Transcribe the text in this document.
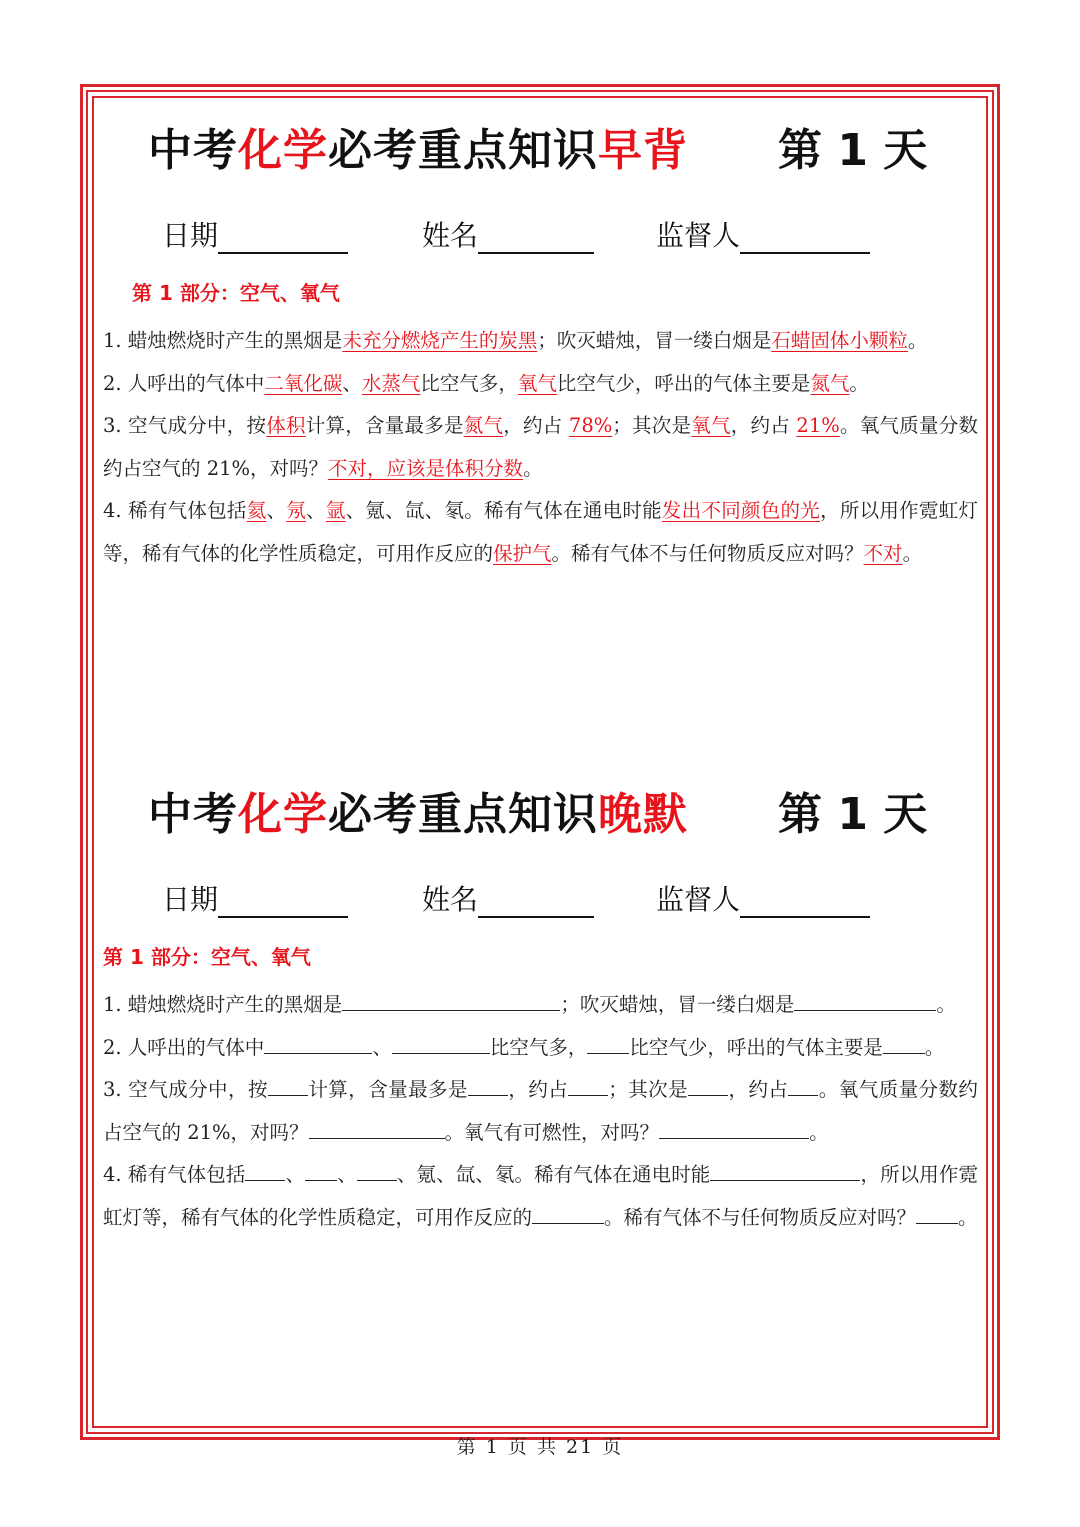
中考化学必考重点知识早背 第 1 天
日期	姓名	监督人
第 1 部分：空气、氧气

1. 蜡烛燃烧时产生的黑烟是未充分燃烧产生的炭黑；吹灭蜡烛，冒一缕白烟是石蜡固体小颗粒。

2. 人呼出的气体中二氧化碳、水蒸气比空气多，氧气比空气少，呼出的气体主要是氮气。

3. 空气成分中，按体积计算，含量最多是氮气，约占 78%；其次是氧气，约占 21%。氧气质量分数约占空气的 21%，对吗？不对，应该是体积分数。

4. 稀有气体包括氦、氖、氩、氪、氙、氡。稀有气体在通电时能发出不同颜色的光，所以用作霓虹灯等，稀有气体的化学性质稳定，可用作反应的保护气。稀有气体不与任何物质反应对吗？不对。

中考化学必考重点知识晚默 第 1 天
日期	姓名	监督人
第 1 部分：空气、氧气

1. 蜡烛燃烧时产生的黑烟是	；吹灭蜡烛，冒一缕白烟是	。

2. 人呼出的气体中	、	比空气多， 比空气少，呼出的气体主要是 。

3. 空气成分中，按 计算，含量最多是 ，约占 ；其次是 ，约占 。氧气质量分数约占空气的 21%，对吗？	。氧气有可燃性，对吗？	。

4. 稀有气体包括 、 、 、氪、氙、氡。稀有气体在通电时能	，所以用作霓虹灯等，稀有气体的化学性质稳定，可用作反应的	。稀有气体不与任何物质反应对吗？ 。

第 1 页 共 21 页
